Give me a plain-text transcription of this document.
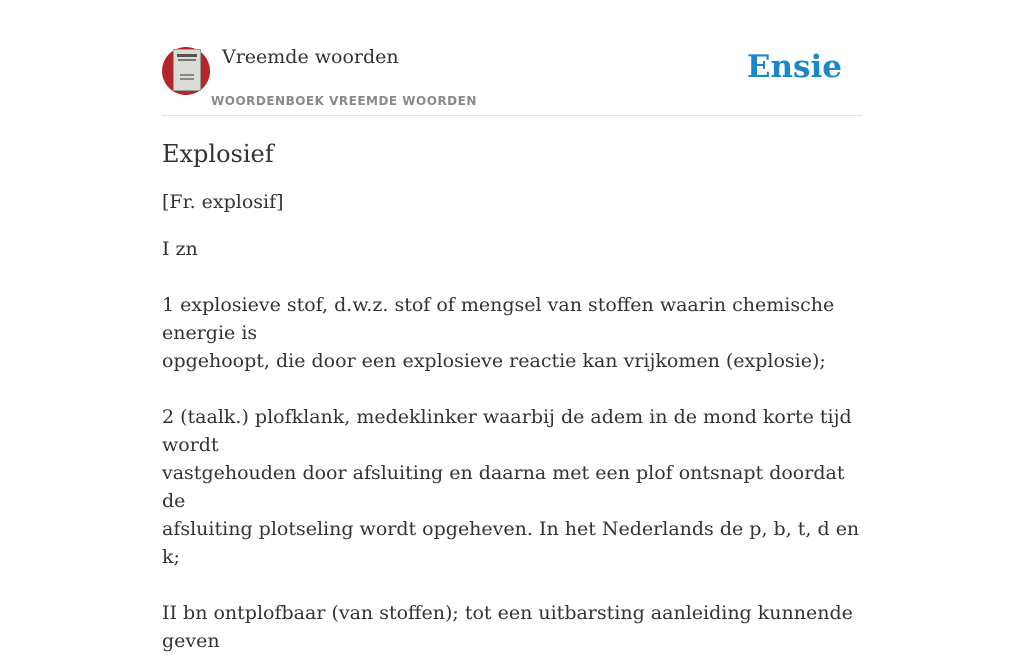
Vreemde woorden
WOORDENBOEK VREEMDE WOORDEN
Ensie
Explosief

[Fr. explosif]

I zn
1 explosieve stof, d.w.z. stof of mengsel van stoffen waarin chemische energie is
opgehoopt, die door een explosieve reactie kan vrijkomen (explosie);
2 (taalk.) plofklank, medeklinker waarbij de adem in de mond korte tijd wordt
vastgehouden door afsluiting en daarna met een plof ontsnapt doordat de
afsluiting plotseling wordt opgeheven. In het Nederlands de p, b, t, d en k;
II bn ontplofbaar (van stoffen); tot een uitbarsting aanleiding kunnende geven
